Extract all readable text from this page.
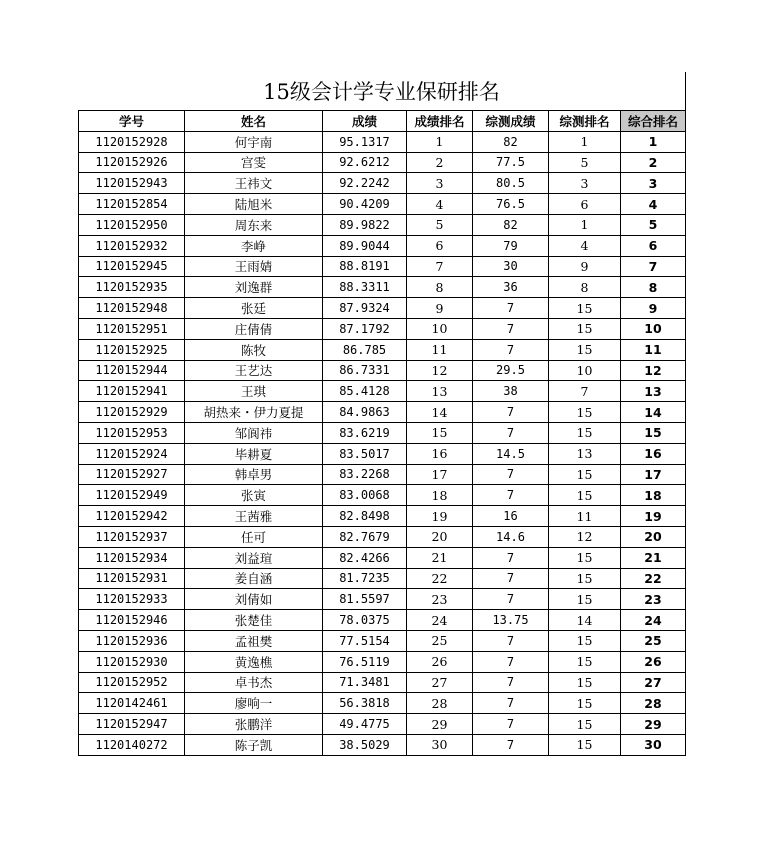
15级会计学专业保研排名
学号	姓名	成绩	成绩排名	综测成绩	综测排名	综合排名
1120152928	何宇南	95.1317	1	82	1	1
1120152926	宫雯	92.6212	2	77.5	5	2
1120152943	王祎文	92.2242	3	80.5	3	3
1120152854	陆旭米	90.4209	4	76.5	6	4
1120152950	周东来	89.9822	5	82	1	5
1120152932	李峥	89.9044	6	79	4	6
1120152945	王雨婧	88.8191	7	30	9	7
1120152935	刘逸群	88.3311	8	36	8	8
1120152948	张廷	87.9324	9	7	15	9
1120152951	庄倩倩	87.1792	10	7	15	10
1120152925	陈牧	86.785	11	7	15	11
1120152944	王艺达	86.7331	12	29.5	10	12
1120152941	王琪	85.4128	13	38	7	13
1120152929	胡热来・伊力夏提	84.9863	14	7	15	14
1120152953	邹阆祎	83.6219	15	7	15	15
1120152924	毕耕夏	83.5017	16	14.5	13	16
1120152927	韩卓男	83.2268	17	7	15	17
1120152949	张寅	83.0068	18	7	15	18
1120152942	王茜雅	82.8498	19	16	11	19
1120152937	任可	82.7679	20	14.6	12	20
1120152934	刘益瑄	82.4266	21	7	15	21
1120152931	姜自涵	81.7235	22	7	15	22
1120152933	刘倩如	81.5597	23	7	15	23
1120152946	张楚佳	78.0375	24	13.75	14	24
1120152936	孟祖樊	77.5154	25	7	15	25
1120152930	黄逸樵	76.5119	26	7	15	26
1120152952	卓书杰	71.3481	27	7	15	27
1120142461	廖响一	56.3818	28	7	15	28
1120152947	张鹏洋	49.4775	29	7	15	29
1120140272	陈子凯	38.5029	30	7	15	30
